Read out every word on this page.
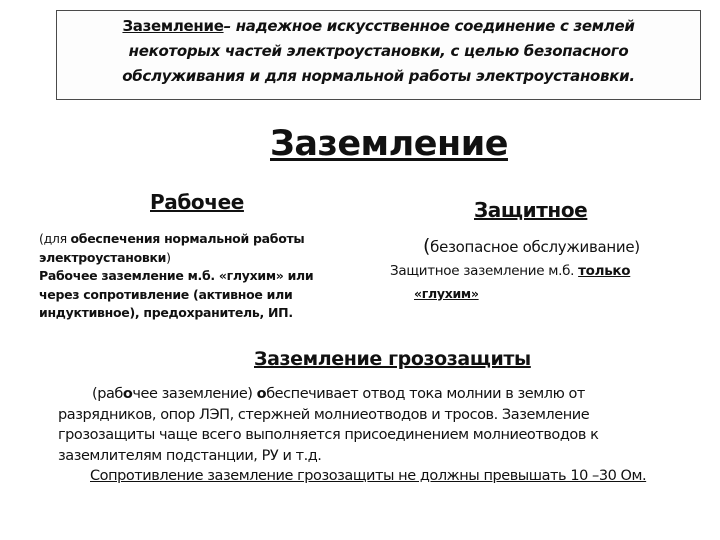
Заземление– надежное искусственное соединение с землей
некоторых частей электроустановки, с целью безопасного
обслуживания и для нормальной работы электроустановки.
Заземление
Рабочее	Защитное
(для обеспечения нормальной работы
электроустановки)
Рабочее заземление м.б. «глухим» или
через сопротивление (активное или
индуктивное), предохранитель, ИП.
(безопасное обслуживание)
Защитное заземление м.б. только
«глухим»
Заземление грозозащиты
(рабочее заземление) обеспечивает отвод тока молнии в землю от
разрядников, опор ЛЭП, стержней молниеотводов и тросов. Заземление
грозозащиты чаще всего выполняется присоединением молниеотводов к
заземлителям подстанции, РУ и т.д.
Сопротивление заземление грозозащиты не должны превышать 10 –30 Ом.
